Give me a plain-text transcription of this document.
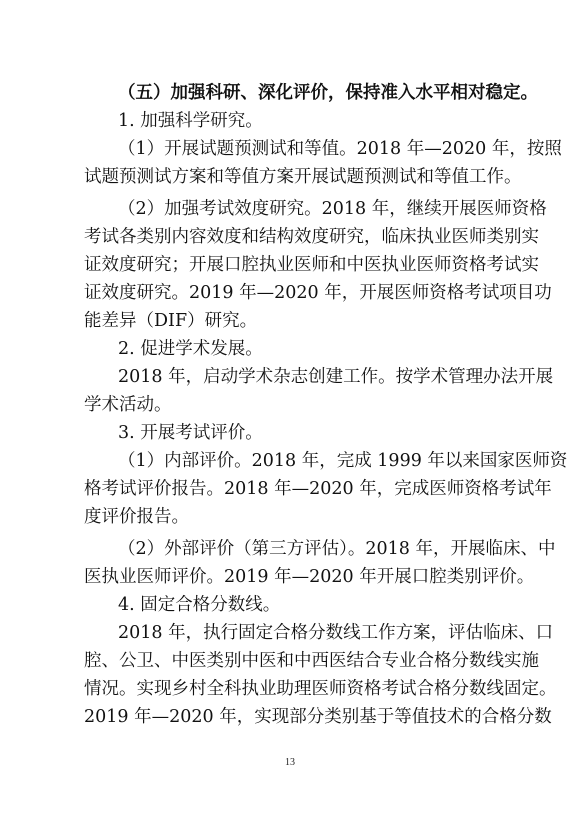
（五）加强科研、深化评价，保持准入水平相对稳定。

1. 加强科学研究。

（1）开展试题预测试和等值。2018 年—2020 年，按照

试题预测试方案和等值方案开展试题预测试和等值工作。

（2）加强考试效度研究。2018 年，继续开展医师资格

考试各类别内容效度和结构效度研究，临床执业医师类别实

证效度研究；开展口腔执业医师和中医执业医师资格考试实

证效度研究。2019 年—2020 年，开展医师资格考试项目功

能差异（DIF）研究。

2. 促进学术发展。

2018 年，启动学术杂志创建工作。按学术管理办法开展

学术活动。

3. 开展考试评价。

（1）内部评价。2018 年，完成 1999 年以来国家医师资

格考试评价报告。2018 年—2020 年，完成医师资格考试年

度评价报告。

（2）外部评价（第三方评估）。2018 年，开展临床、中

医执业医师评价。2019 年—2020 年开展口腔类别评价。

4. 固定合格分数线。

2018 年，执行固定合格分数线工作方案，评估临床、口

腔、公卫、中医类别中医和中西医结合专业合格分数线实施

情况。实现乡村全科执业助理医师资格考试合格分数线固定。

2019 年—2020 年，实现部分类别基于等值技术的合格分数

13
